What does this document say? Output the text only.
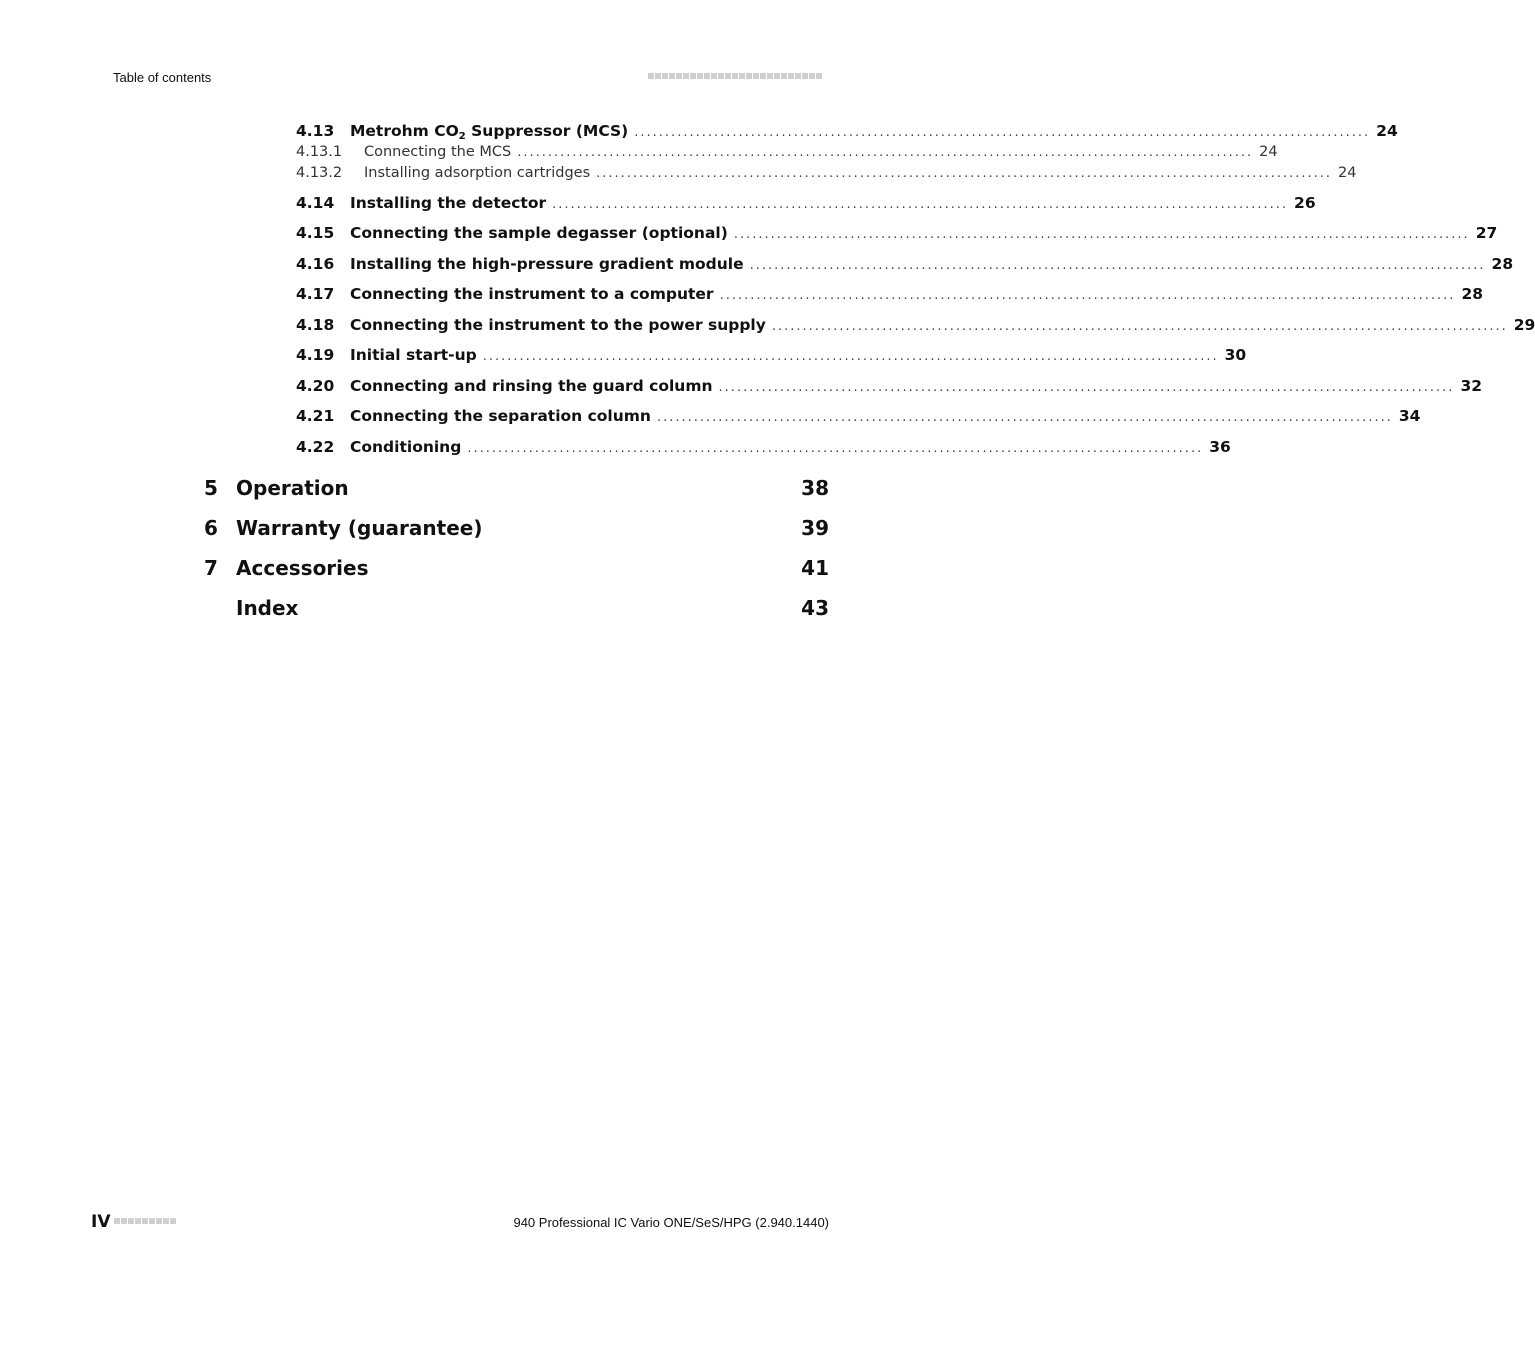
Table of contents
4.13 Metrohm $CO_2$ Suppressor (MCS) ........................................................................................................................ 24
4.13.1 Connecting the MCS ........................................................................................................................ 24
4.13.2 Installing adsorption cartridges ........................................................................................................................ 24
4.14 Installing the detector ........................................................................................................................ 26
4.15 Connecting the sample degasser (optional) ........................................................................................................................ 27
4.16 Installing the high-pressure gradient module ........................................................................................................................ 28
4.17 Connecting the instrument to a computer ........................................................................................................................ 28
4.18 Connecting the instrument to the power supply ........................................................................................................................ 29
4.19 Initial start-up ........................................................................................................................ 30
4.20 Connecting and rinsing the guard column ........................................................................................................................ 32
4.21 Connecting the separation column ........................................................................................................................ 34
4.22 Conditioning ........................................................................................................................ 36
5 Operation	38
6 Warranty (guarantee)	39
7 Accessories	41
Index	43
IV	940 Professional IC Vario ONE/SeS/HPG (2.940.1440)
